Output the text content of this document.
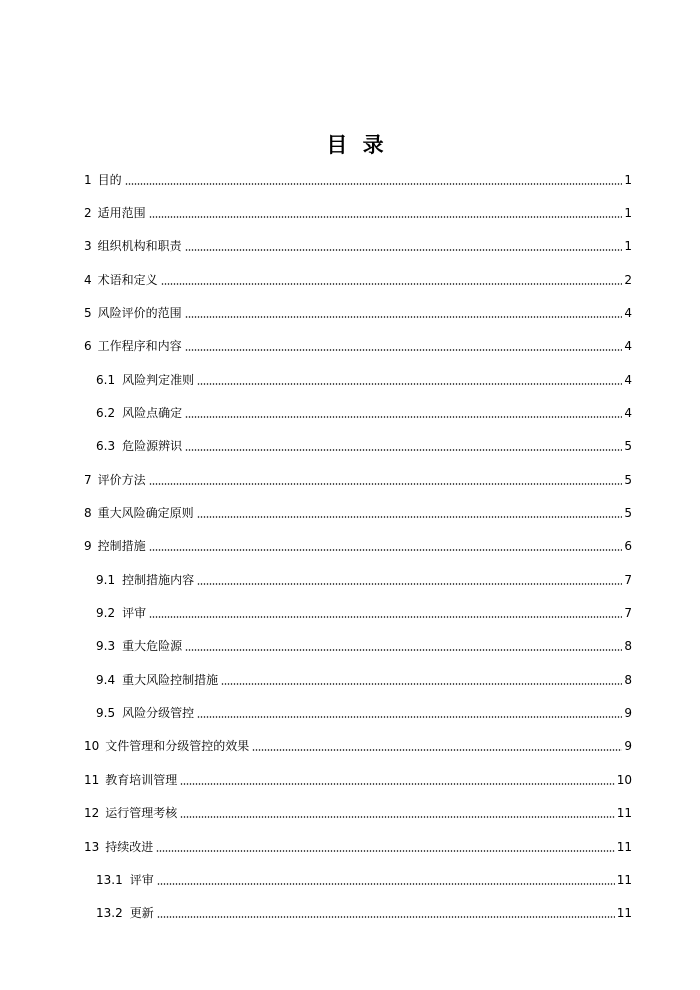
目 录
1 目的	1
2 适用范围	1
3 组织机构和职责	1
4 术语和定义	2
5 风险评价的范围	4
6 工作程序和内容	4
6.1 风险判定准则	4
6.2 风险点确定	4
6.3 危险源辨识	5
7 评价方法	5
8 重大风险确定原则	5
9 控制措施	6
9.1 控制措施内容	7
9.2 评审	7
9.3 重大危险源	8
9.4 重大风险控制措施	8
9.5 风险分级管控	9
10 文件管理和分级管控的效果	9
11 教育培训管理	10
12 运行管理考核	11
13 持续改进	11
13.1 评审	11
13.2 更新	11
